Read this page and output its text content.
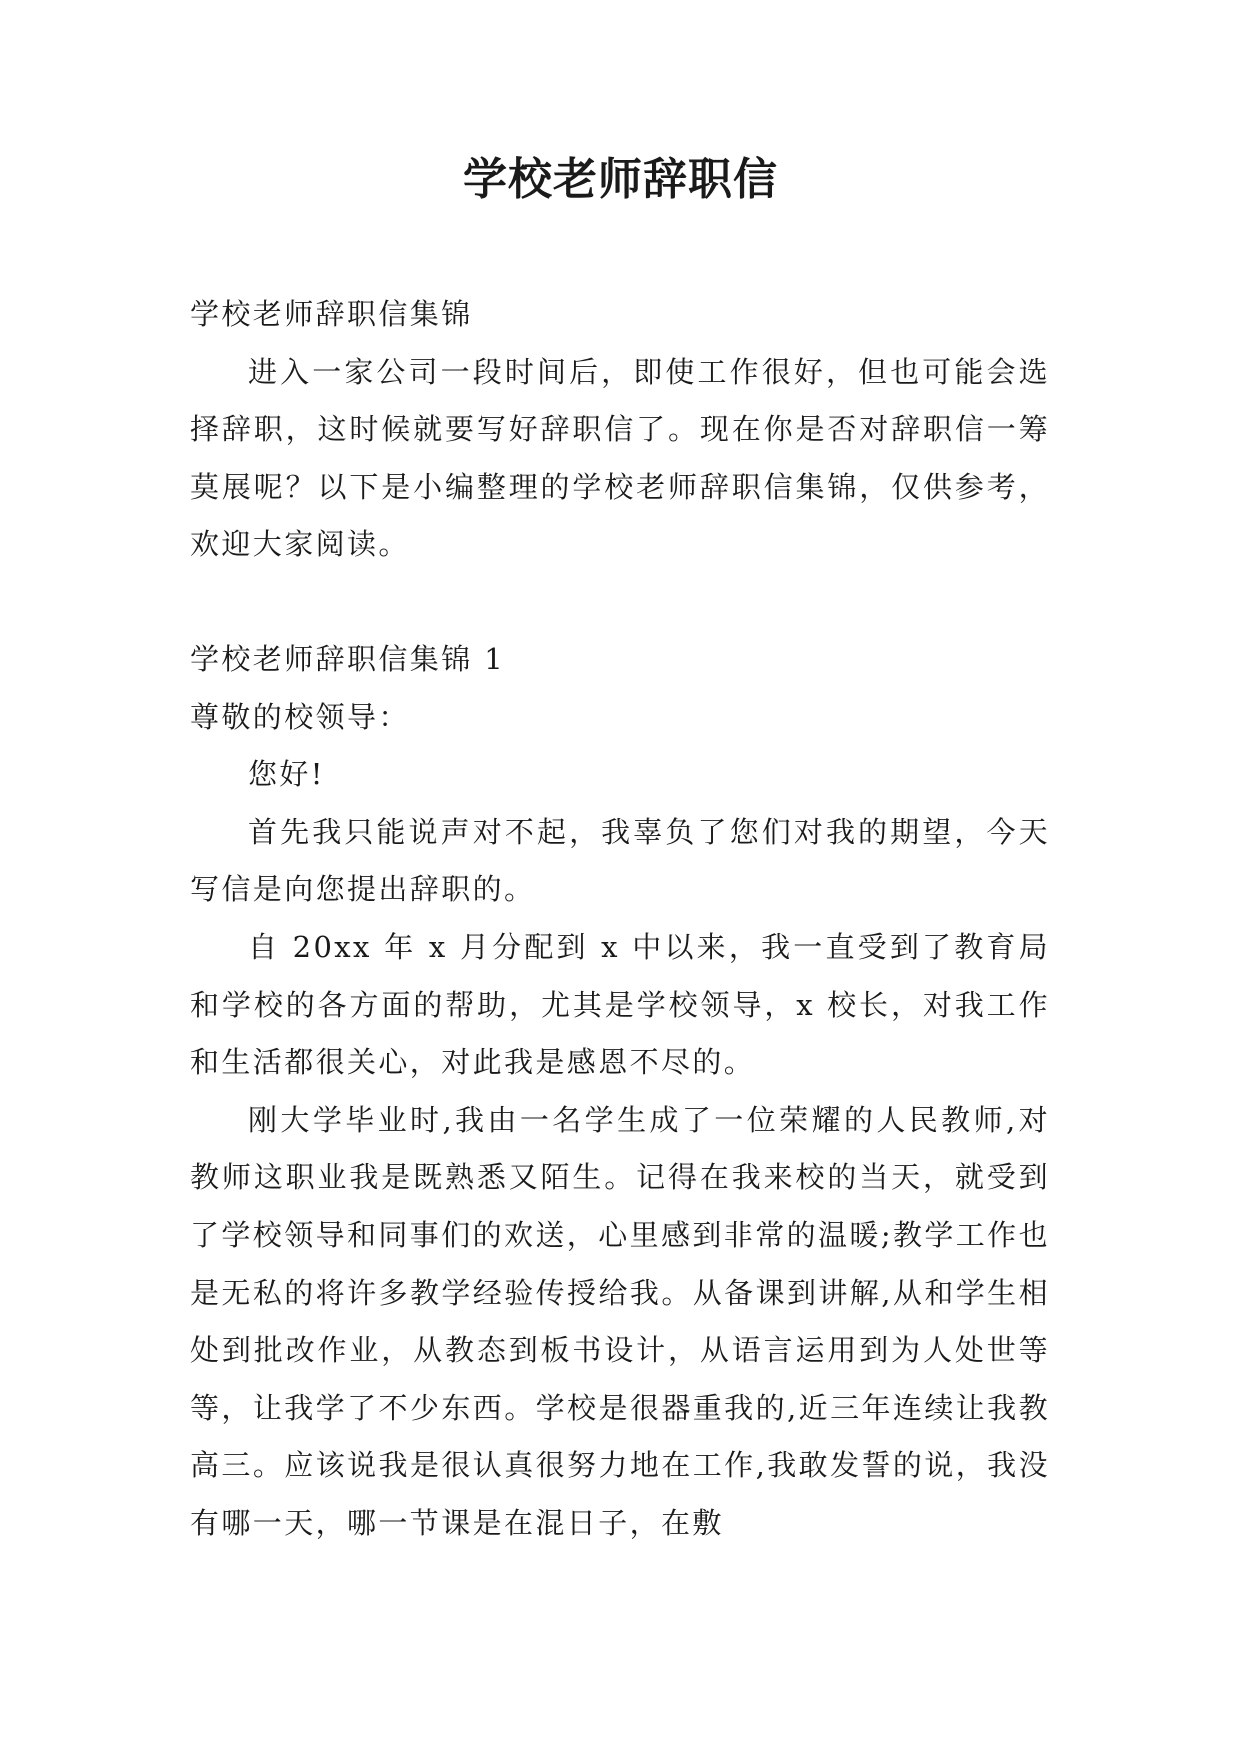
学校老师辞职信

学校老师辞职信集锦

进入一家公司一段时间后，即使工作很好，但也可能会选择辞职，这时候就要写好辞职信了。现在你是否对辞职信一筹莫展呢？以下是小编整理的学校老师辞职信集锦，仅供参考，欢迎大家阅读。

学校老师辞职信集锦 1

尊敬的校领导：

您好!

首先我只能说声对不起，我辜负了您们对我的期望，今天写信是向您提出辞职的。

自 20xx 年 x 月分配到 x 中以来，我一直受到了教育局和学校的各方面的帮助，尤其是学校领导，x 校长，对我工作和生活都很关心，对此我是感恩不尽的。

刚大学毕业时,我由一名学生成了一位荣耀的人民教师,对教师这职业我是既熟悉又陌生。记得在我来校的当天，就受到了学校领导和同事们的欢送，心里感到非常的温暖;教学工作也是无私的将许多教学经验传授给我。从备课到讲解,从和学生相处到批改作业，从教态到板书设计，从语言运用到为人处世等等，让我学了不少东西。学校是很器重我的,近三年连续让我教高三。应该说我是很认真很努力地在工作,我敢发誓的说，我没有哪一天，哪一节课是在混日子，在敷
